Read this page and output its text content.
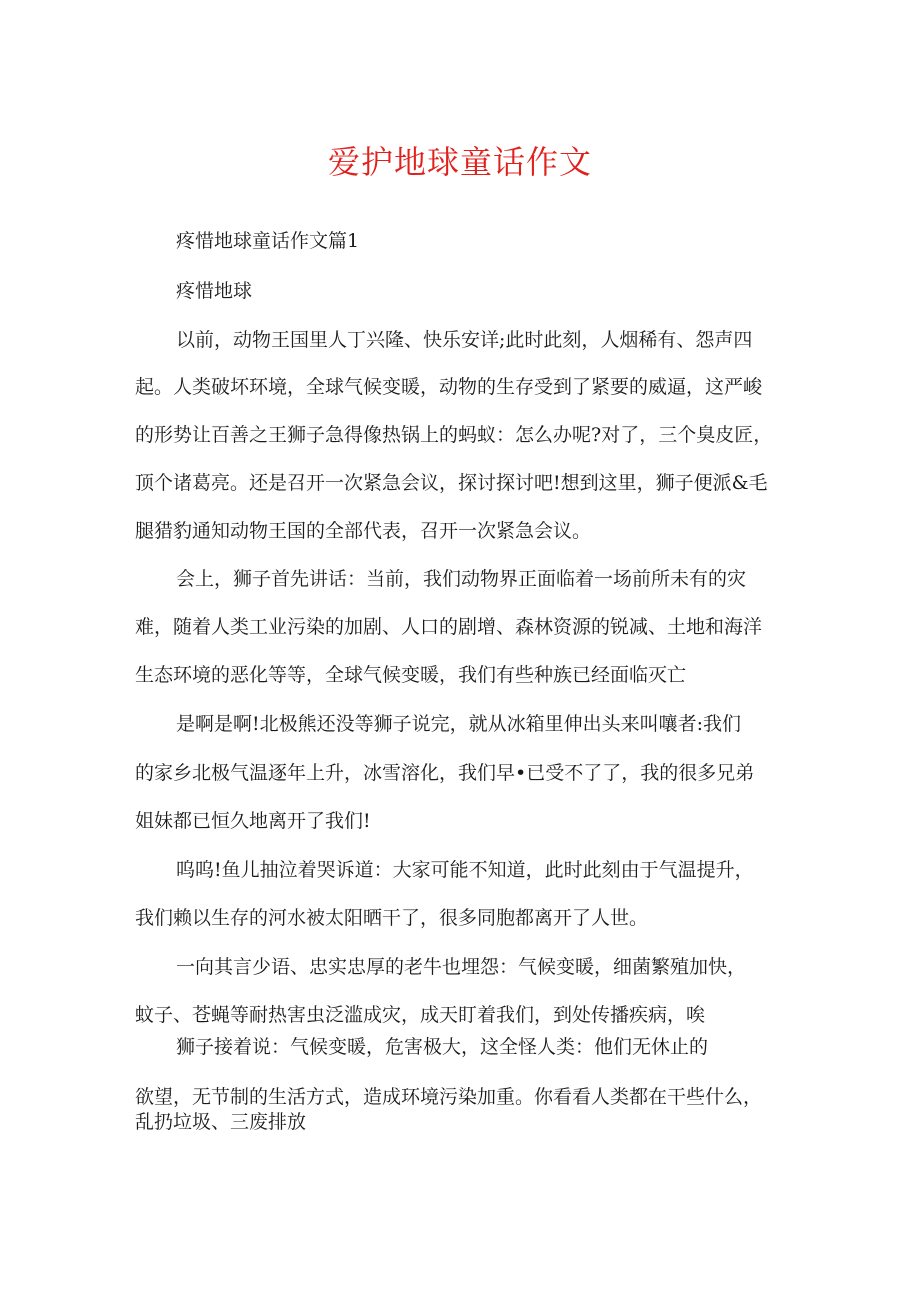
爱护地球童话作文

疼惜地球童话作文篇1

疼惜地球

以前，动物王国里人丁兴隆、快乐安详;此时此刻，人烟稀有、怨声四

起。人类破坏环境，全球气候变暖，动物的生存受到了紧要的威逼，这严峻

的形势让百善之王狮子急得像热锅上的蚂蚁：怎么办呢?对了，三个臭皮匠，

顶个诸葛亮。还是召开一次紧急会议，探讨探讨吧!想到这里，狮子便派&毛

腿猎豹通知动物王国的全部代表，召开一次紧急会议。

会上，狮子首先讲话：当前，我们动物界正面临着一场前所未有的灾

难，随着人类工业污染的加剧、人口的剧增、森林资源的锐减、土地和海洋

生态环境的恶化等等，全球气候变暖，我们有些种族已经面临灭亡

是啊是啊!北极熊还没等狮子说完，就从冰箱里伸出头来叫嚷者:我们

的家乡北极气温逐年上升，冰雪溶化，我们早•已受不了了，我的很多兄弟

姐妹都已恒久地离开了我们!

呜呜!鱼儿抽泣着哭诉道：大家可能不知道，此时此刻由于气温提升，

我们赖以生存的河水被太阳晒干了，很多同胞都离开了人世。

一向其言少语、忠实忠厚的老牛也埋怨：气候变暖，细菌繁殖加快，

蚊子、苍蝇等耐热害虫泛滥成灾，成天盯着我们，到处传播疾病，唉

狮子接着说：气候变暖，危害极大，这全怪人类：他们无休止的

欲望，无节制的生活方式，造成环境污染加重。你看看人类都在干些什么，

乱扔垃圾、三废排放
